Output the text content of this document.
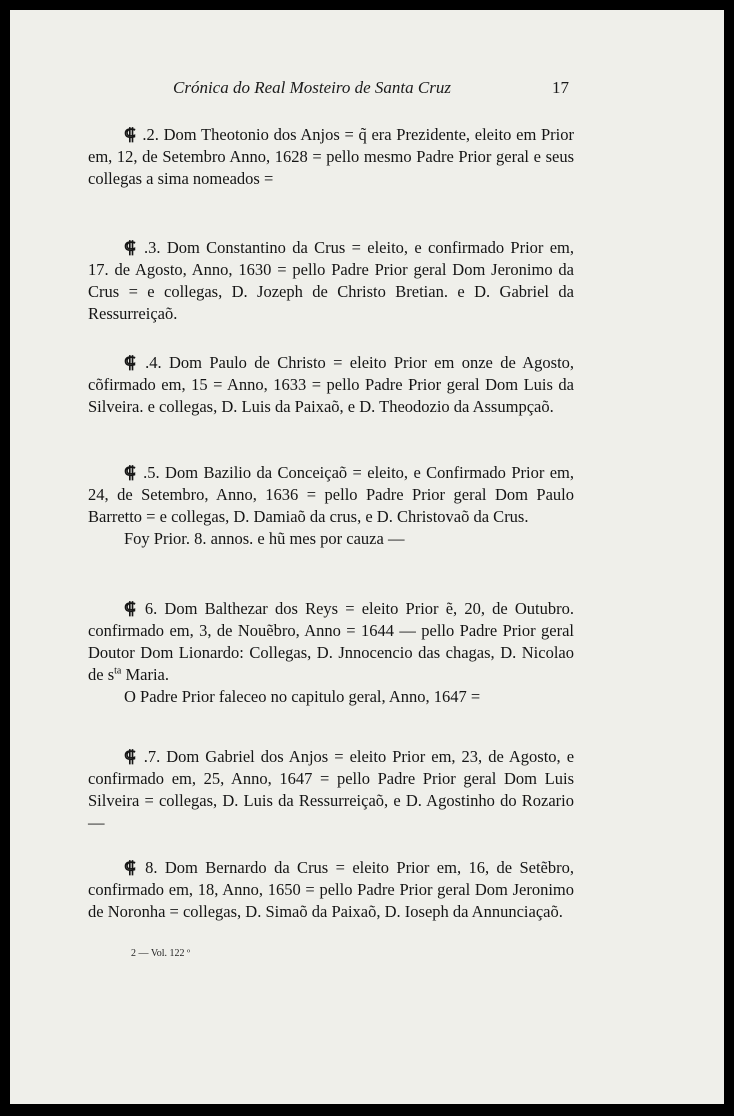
Crónica do Real Mosteiro de Santa Cruz	17

⸿ .2. Dom Theotonio dos Anjos = q̃ era Prezidente, eleito em Prior em, 12, de Setembro Anno, 1628 = pello mesmo Padre Prior geral e seus collegas a sima nomeados =

⸿ .3. Dom Constantino da Crus = eleito, e confirmado Prior em, 17. de Agosto, Anno, 1630 = pello Padre Prior geral Dom Jeronimo da Crus = e collegas, D. Jozeph de Christo Bretian. e D. Gabriel da Ressurreiçaõ.

⸿ .4. Dom Paulo de Christo = eleito Prior em onze de Agosto, cõfirmado em, 15 = Anno, 1633 = pello Padre Prior geral Dom Luis da Silveira. e collegas, D. Luis da Paixaõ, e D. Theodozio da Assumpçaõ.

⸿ .5. Dom Bazilio da Conceiçaõ = eleito, e Confirmado Prior em, 24, de Setembro, Anno, 1636 = pello Padre Prior geral Dom Paulo Barretto = e collegas, D. Damiaõ da crus, e D. Christovaõ da Crus.

Foy Prior. 8. annos. e hũ mes por cauza —

⸿ 6. Dom Balthezar dos Reys = eleito Prior ẽ, 20, de Outubro. confirmado em, 3, de Nouẽbro, Anno = 1644 — pello Padre Prior geral Doutor Dom Lionardo: Collegas, D. Jnnocencio das chagas, D. Nicolao de $s^{ta}$ Maria.

O Padre Prior faleceo no capitulo geral, Anno, 1647 =

⸿ .7. Dom Gabriel dos Anjos = eleito Prior em, 23, de Agosto, e confirmado em, 25, Anno, 1647 = pello Padre Prior geral Dom Luis Silveira = collegas, D. Luis da Ressurreiçaõ, e D. Agostinho do Rozario —

⸿ 8. Dom Bernardo da Crus = eleito Prior em, 16, de Setẽbro, confirmado em, 18, Anno, 1650 = pello Padre Prior geral Dom Jeronimo de Noronha = collegas, D. Simaõ da Paixaõ, D. Ioseph da Annunciaçaõ.

2 — Vol. 122 º
